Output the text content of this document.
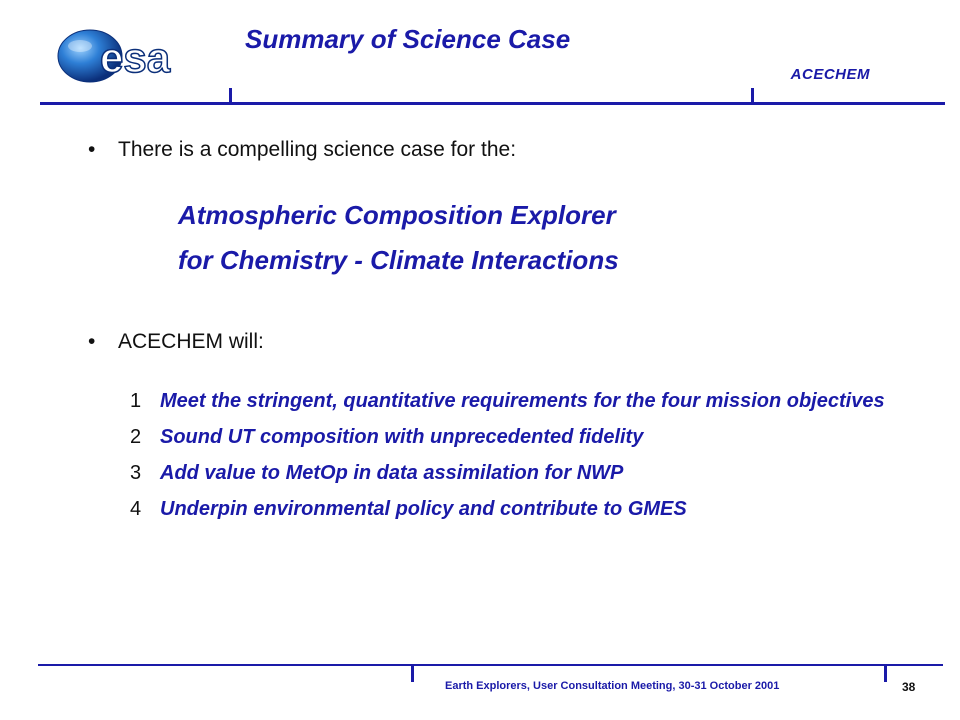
esa	Summary of Science Case
ACECHEM
• There is a compelling science case for the:
Atmospheric Composition Explorer
for Chemistry - Climate Interactions
• ACECHEM will:
1 Meet the stringent, quantitative requirements for the four mission objectives
2 Sound UT composition with unprecedented fidelity
3 Add value to MetOp in data assimilation for NWP
4 Underpin environmental policy and contribute to GMES
Earth Explorers, User Consultation Meeting, 30-31 October 2001	38
